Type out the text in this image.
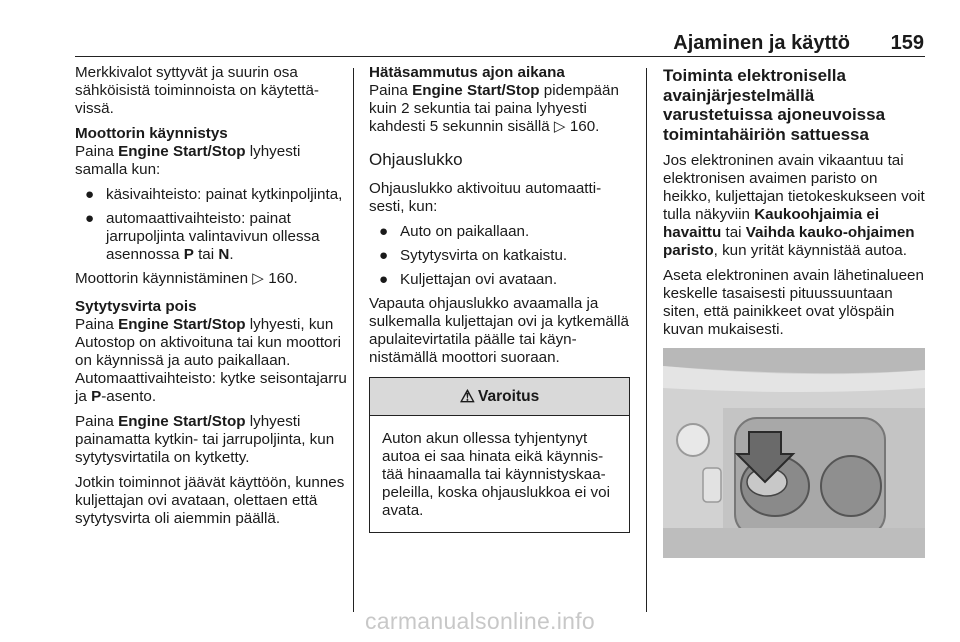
Ajaminen ja käyttö	159

Merkkivalot syttyvät ja suurin osa sähköisistä toiminnoista on käytettävissä.

Moottorin käynnistys

Paina Engine Start/Stop lyhyesti samalla kun:

● käsivaihteisto: painat kytkinpoljinta,
● automaattivaihteisto: painat jarrupoljinta valintavivun ollessa asennossa P tai N.

Moottorin käynnistäminen ▷ 160.

Sytytysvirta pois
Paina Engine Start/Stop lyhyesti, kun Autostop on aktivoituna tai kun moottori on käynnissä ja auto paikallaan.

Automaattivaihteisto: kytke seisontajarru ja P-asento.

Paina Engine Start/Stop lyhyesti painamatta kytkin- tai jarrupoljinta, kun sytytysvirtatila on kytketty.

Jotkin toiminnot jäävät käyttöön, kunnes kuljettajan ovi avataan, olettaen että sytytysvirta oli aiemmin päällä.

Hätäsammutus ajon aikana

Paina Engine Start/Stop pidempään kuin 2 sekuntia tai paina lyhyesti kahdesti 5 sekunnin sisällä ▷ 160.

Ohjauslukko

Ohjauslukko aktivoituu automaattisesti, kun:

● Auto on paikallaan.
● Sytytysvirta on katkaistu.
● Kuljettajan ovi avataan.

Vapauta ohjauslukko avaamalla ja sulkemalla kuljettajan ovi ja kytkemällä apulaitevirtatila päälle tai käynnistämällä moottori suoraan.

⚠ Varoitus
Auton akun ollessa tyhjentynyt autoa ei saa hinata eikä käynnistää hinaamalla tai käynnistyskaapeleilla, koska ohjauslukkoa ei voi avata.
Toiminta elektronisella avainjärjestelmällä varustetuissa ajoneuvoissa toimintahäiriön sattuessa

Jos elektroninen avain vikaantuu tai elektronisen avaimen paristo on heikko, kuljettajan tietokeskukseen voit tulla näkyviin Kaukoohjaimia ei havaittu tai Vaihda kauko-ohjaimen paristo, kun yrität käynnistää autoa.

Aseta elektroninen avain lähetinalueen keskelle tasaisesti pituussuuntaan siten, että painikkeet ovat ylöspäin kuvan mukaisesti.

carmanualsonline.info
